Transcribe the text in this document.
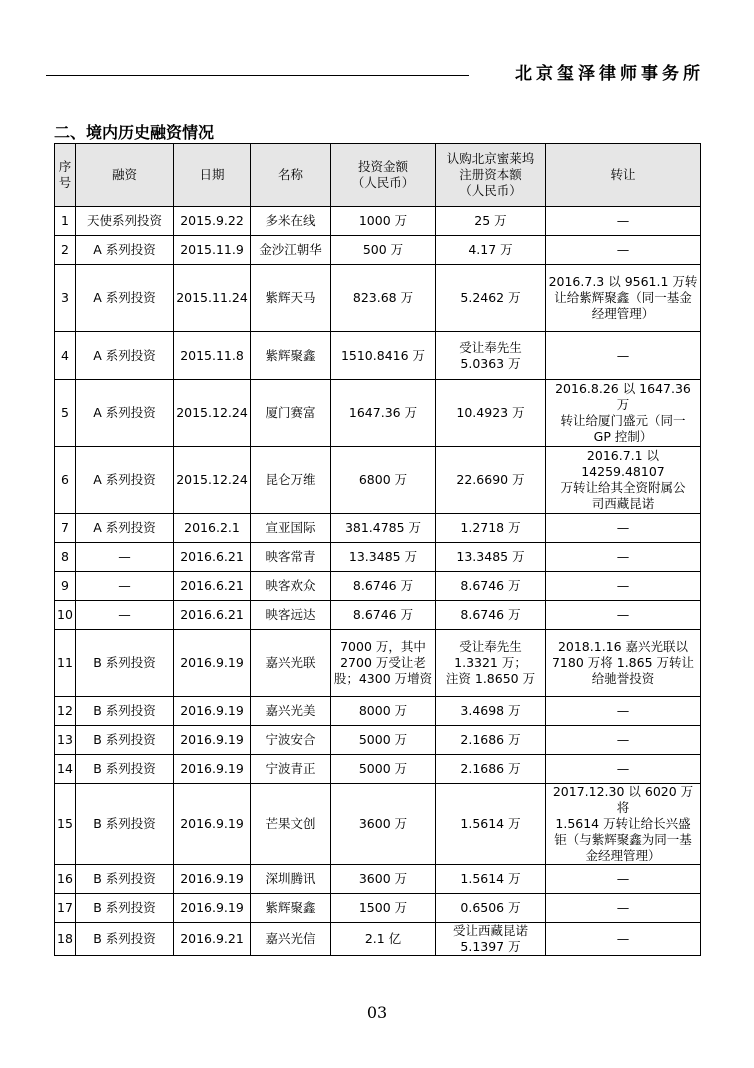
北京玺泽律师事务所
二、境内历史融资情况
序
号	融资	日期	名称	投资金额
（人民币）	认购北京蜜莱坞
注册资本额
（人民币）	转让
1	天使系列投资	2015.9.22	多米在线	1000 万	25 万	—
2	A 系列投资	2015.11.9	金沙江朝华	500 万	4.17 万	—
3	A 系列投资	2015.11.24	紫辉天马	823.68 万	5.2462 万	2016.7.3 以 9561.1 万转
让给紫辉聚鑫（同一基金
经理管理）
4	A 系列投资	2015.11.8	紫辉聚鑫	1510.8416 万	受让奉先生
5.0363 万	—
5	A 系列投资	2015.12.24	厦门赛富	1647.36 万	10.4923 万	2016.8.26 以 1647.36 万
转让给厦门盛元（同一
GP 控制）
6	A 系列投资	2015.12.24	昆仑万维	6800 万	22.6690 万	2016.7.1 以 14259.48107
万转让给其全资附属公
司西藏昆诺
7	A 系列投资	2016.2.1	宣亚国际	381.4785 万	1.2718 万	—
8	—	2016.6.21	映客常青	13.3485 万	13.3485 万	—
9	—	2016.6.21	映客欢众	8.6746 万	8.6746 万	—
10	—	2016.6.21	映客远达	8.6746 万	8.6746 万	—
11	B 系列投资	2016.9.19	嘉兴光联	7000 万，其中
2700 万受让老
股；4300 万增资	受让奉先生
1.3321 万；
注资 1.8650 万	2018.1.16 嘉兴光联以
7180 万将 1.865 万转让
给驰誉投资
12	B 系列投资	2016.9.19	嘉兴光美	8000 万	3.4698 万	—
13	B 系列投资	2016.9.19	宁波安合	5000 万	2.1686 万	—
14	B 系列投资	2016.9.19	宁波青正	5000 万	2.1686 万	—
15	B 系列投资	2016.9.19	芒果文创	3600 万	1.5614 万	2017.12.30 以 6020 万将
1.5614 万转让给长兴盛
钜（与紫辉聚鑫为同一基
金经理管理）
16	B 系列投资	2016.9.19	深圳腾讯	3600 万	1.5614 万	—
17	B 系列投资	2016.9.19	紫辉聚鑫	1500 万	0.6506 万	—
18	B 系列投资	2016.9.21	嘉兴光信	2.1 亿	受让西藏昆诺
5.1397 万	—
03
